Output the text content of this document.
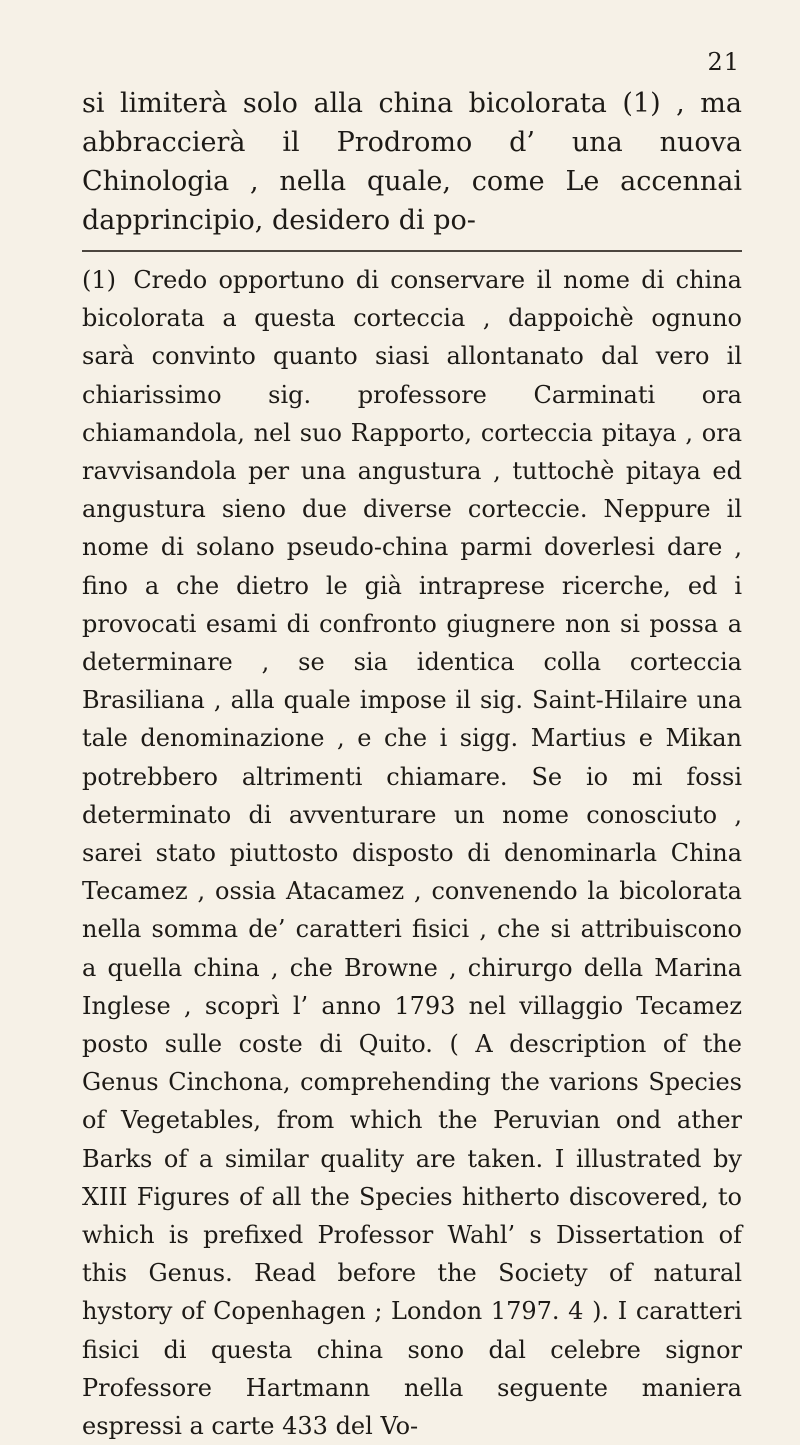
21
si limiterà solo alla china bicolorata (1) , ma abbraccierà il Prodromo d’ una nuova Chinologia , nella quale, come Le accennai dapprincipio, desidero di po-
(1) Credo opportuno di conservare il nome di china bicolorata a questa corteccia , dappoichè ognuno sarà convinto quanto siasi allontanato dal vero il chiarissimo sig. professore Carminati ora chiamandola, nel suo Rapporto, corteccia pitaya , ora ravvisandola per una angustura , tuttochè pitaya ed angustura sieno due diverse corteccie. Neppure il nome di solano pseudo-china parmi doverlesi dare , fino a che dietro le già intraprese ricerche, ed i provocati esami di confronto giugnere non si possa a determinare , se sia identica colla corteccia Brasiliana , alla quale impose il sig. Saint-Hilaire una tale denominazione , e che i sigg. Martius e Mikan potrebbero altrimenti chiamare. Se io mi fossi determinato di avventurare un nome conosciuto , sarei stato piuttosto disposto di denominarla China Tecamez , ossia Atacamez , convenendo la bicolorata nella somma de’ caratteri fisici , che si attribuiscono a quella china , che Browne , chirurgo della Marina Inglese , scoprì l’ anno 1793 nel villaggio Tecamez posto sulle coste di Quito. ( A description of the Genus Cinchona, comprehending the varions Species of Vegetables, from which the Peruvian ond ather Barks of a similar quality are taken. I illustrated by XIII Figures of all the Species hitherto discovered, to which is prefixed Professor Wahl’ s Dissertation of this Genus. Read before the Society of natural hystory of Copenhagen ; London 1797. 4 ). I caratteri fisici di questa china sono dal celebre signor Professore Hartmann nella seguente maniera espressi a carte 433 del Vo-
